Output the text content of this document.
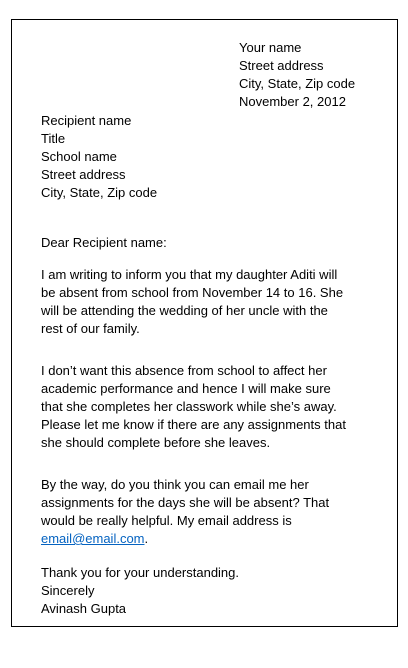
Your name
Street address
City, State, Zip code
November 2, 2012
Recipient name
Title
School name
Street address
City, State, Zip code
Dear Recipient name:
I am writing to inform you that my daughter Aditi will
be absent from school from November 14 to 16. She
will be attending the wedding of her uncle with the
rest of our family.
I don’t want this absence from school to affect her
academic performance and hence I will make sure
that she completes her classwork while she’s away.
Please let me know if there are any assignments that
she should complete before she leaves.
By the way, do you think you can email me her
assignments for the days she will be absent? That
would be really helpful. My email address is
email@email.com.
Thank you for your understanding.
Sincerely
Avinash Gupta
